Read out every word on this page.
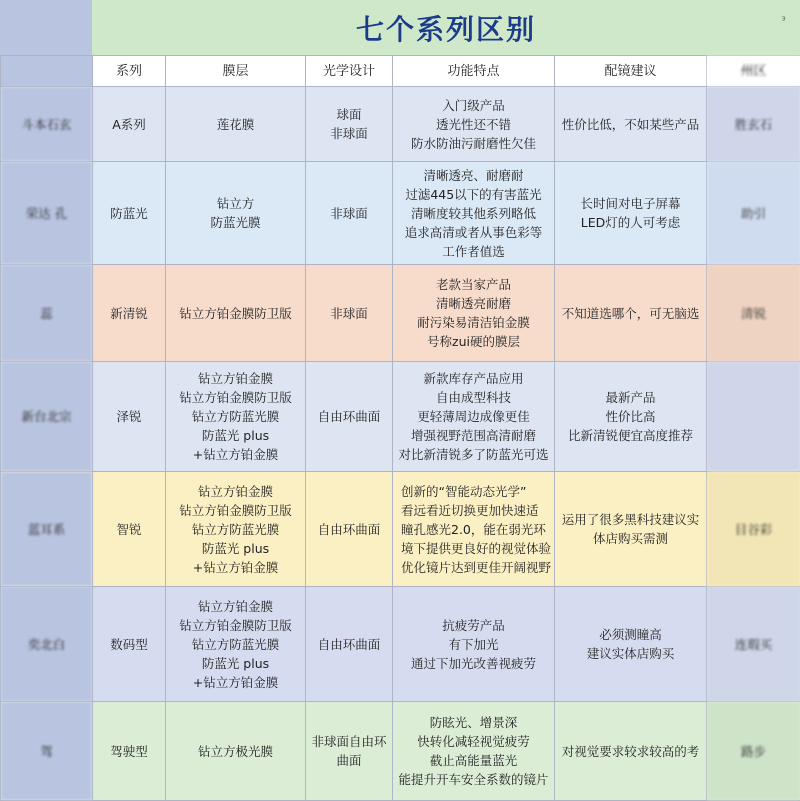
七个系列区别	ᵌ
	系列	膜层	光学设计	功能特点	配镜建议	州区
斗本石玄	A系列	莲花膜	球面
非球面	入门级产品
透光性还不错
防水防油污耐磨性欠佳	性价比低，不如某些产品	胜玄石
荣达 孔	防蓝光	钻立方
防蓝光膜	非球面	清晰透亮、耐磨耐
过滤445以下的有害蓝光
清晰度较其他系列略低
追求高清或者从事色彩等
工作者值选	长时间对电子屏幕
LED灯的人可考虑	助引
蕊	新清锐	钻立方铂金膜防卫版	非球面	老款当家产品
清晰透亮耐磨
耐污染易清洁铂金膜
号称zui硬的膜层	不知道选哪个，可无脑选	清锐
新台北宗	泽锐	钻立方铂金膜
钻立方铂金膜防卫版
钻立方防蓝光膜
防蓝光 plus
+钻立方铂金膜	自由环曲面	新款库存产品应用
自由成型科技
更轻薄周边成像更佳
增强视野范围高清耐磨
对比新清锐多了防蓝光可选	最新产品
性价比高
比新清锐便宜高度推荐	

蓝耳系	智锐	钻立方铂金膜
钻立方铂金膜防卫版
钻立方防蓝光膜
防蓝光 plus
+钻立方铂金膜	自由环曲面	创新的“智能动态光学”
看远看近切换更加快速适
瞳孔感光2.0，能在弱光环
境下提供更良好的视觉体验
优化镜片达到更佳开阔视野	运用了很多黑科技建议实
体店购买需测	目谷彩
奕北白	数码型	钻立方铂金膜
钻立方铂金膜防卫版
钻立方防蓝光膜
防蓝光 plus
+钻立方铂金膜	自由环曲面	抗疲劳产品
有下加光
通过下加光改善视疲劳	必须测瞳高
建议实体店购买	连瑕买
驾	驾驶型	钻立方极光膜	非球面自由环
曲面	防眩光、增景深
快转化减轻视觉疲劳
截止高能量蓝光
能提升开车安全系数的镜片	对视觉要求较求较高的考	路步
